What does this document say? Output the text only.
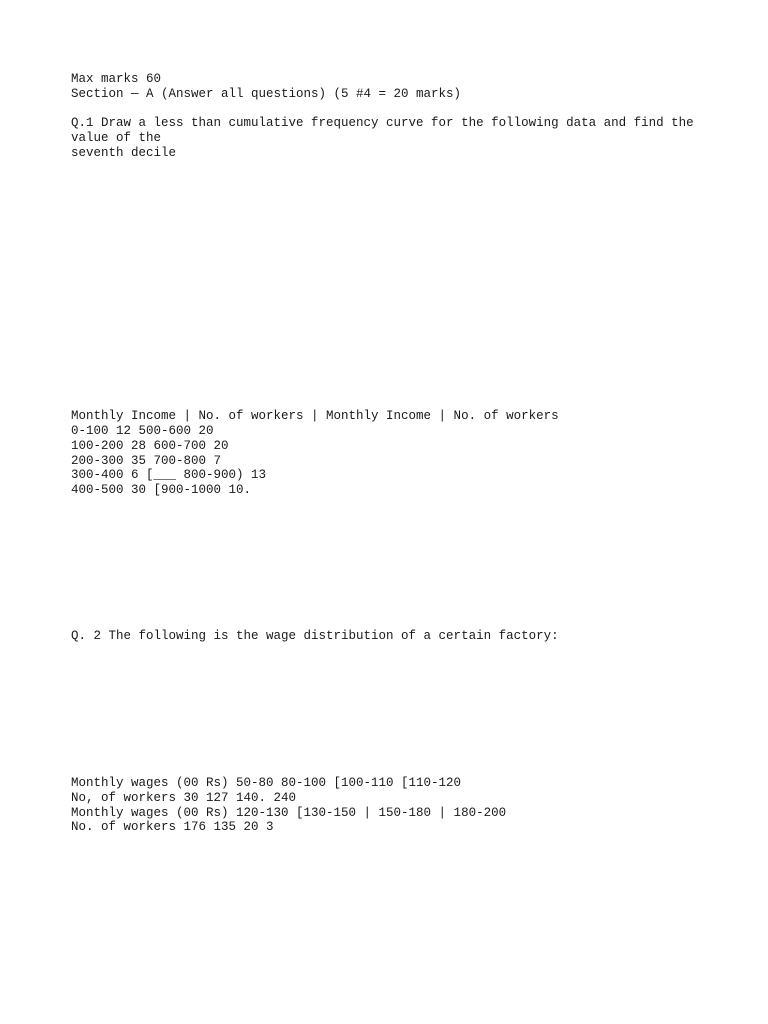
Max marks 60

Section — A (Answer all questions) (5 #4 = 20 marks)

Q.1 Draw a less than cumulative frequency curve for the following data and find the

value of the

seventh decile

Monthly Income | No. of workers | Monthly Income | No. of workers

0-100 12 500-600 20

100-200 28 600-700 20

200-300 35 700-800 7

300-400 6 [___ 800-900) 13

400-500 30 [900-1000 10.

Q. 2 The following is the wage distribution of a certain factory:

Monthly wages (00 Rs) 50-80 80-100 [100-110 [110-120

No, of workers 30 127 140. 240

Monthly wages (00 Rs) 120-130 [130-150 | 150-180 | 180-200

No. of workers 176 135 20 3
